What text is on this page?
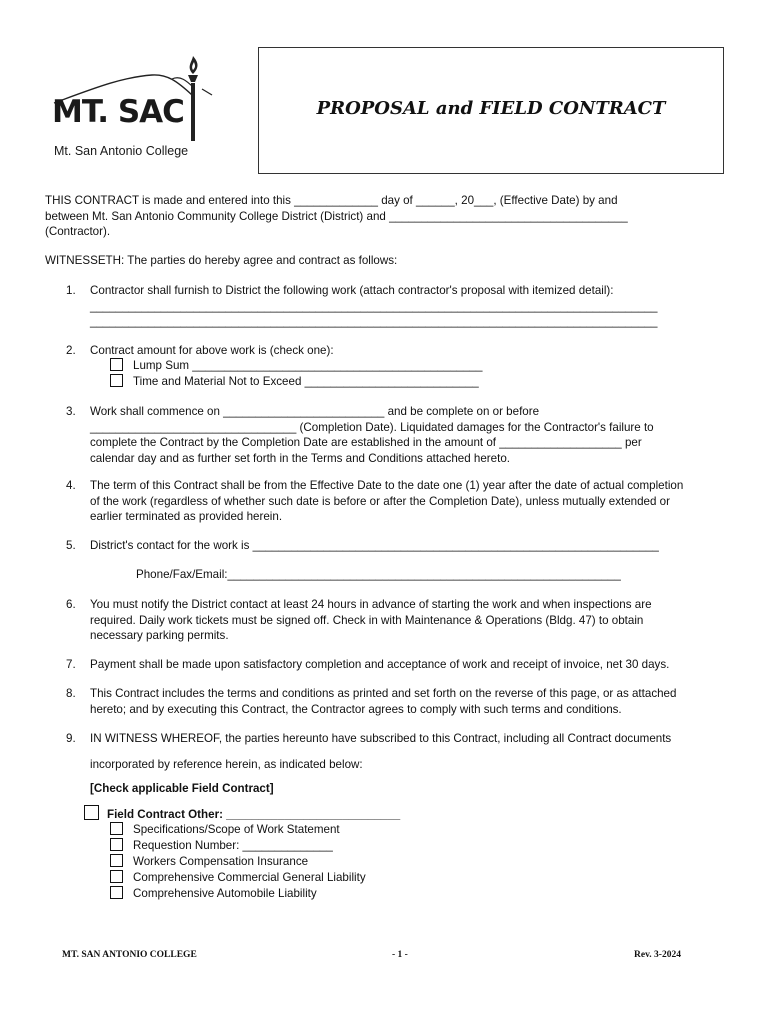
MT. SAC
Mt. San Antonio College
PROPOSAL and FIELD CONTRACT
THIS CONTRACT is made and entered into this _____________ day of ______, 20___, (Effective Date) by and
between Mt. San Antonio Community College District (District) and _____________________________________
(Contractor).
WITNESSETH: The parties do hereby agree and contract as follows:
1. Contractor shall furnish to District the following work (attach contractor's proposal with itemized detail):
________________________________________________________________________________________
________________________________________________________________________________________
2. Contract amount for above work is (check one):
Lump Sum _____________________________________________
Time and Material Not to Exceed ___________________________
3. Work shall commence on _________________________ and be complete on or before
________________________________ (Completion Date). Liquidated damages for the Contractor's failure to
complete the Contract by the Completion Date are established in the amount of ___________________ per
calendar day and as further set forth in the Terms and Conditions attached hereto.
4. The term of this Contract shall be from the Effective Date to the date one (1) year after the date of actual completion
of the work (regardless of whether such date is before or after the Completion Date), unless mutually extended or
earlier terminated as provided herein.
5. District's contact for the work is _______________________________________________________________
Phone/Fax/Email:_____________________________________________________________
6. You must notify the District contact at least 24 hours in advance of starting the work and when inspections are
required. Daily work tickets must be signed off. Check in with Maintenance & Operations (Bldg. 47) to obtain
necessary parking permits.
7. Payment shall be made upon satisfactory completion and acceptance of work and receipt of invoice, net 30 days.
8. This Contract includes the terms and conditions as printed and set forth on the reverse of this page, or as attached
hereto; and by executing this Contract, the Contractor agrees to comply with such terms and conditions.
9. IN WITNESS WHEREOF, the parties hereunto have subscribed to this Contract, including all Contract documents
incorporated by reference herein, as indicated below:
[Check applicable Field Contract]
Field Contract Other: ___________________________
Specifications/Scope of Work Statement
Requestion Number: ______________
Workers Compensation Insurance
Comprehensive Commercial General Liability
Comprehensive Automobile Liability
MT. SAN ANTONIO COLLEGE	- 1 -	Rev. 3-2024
